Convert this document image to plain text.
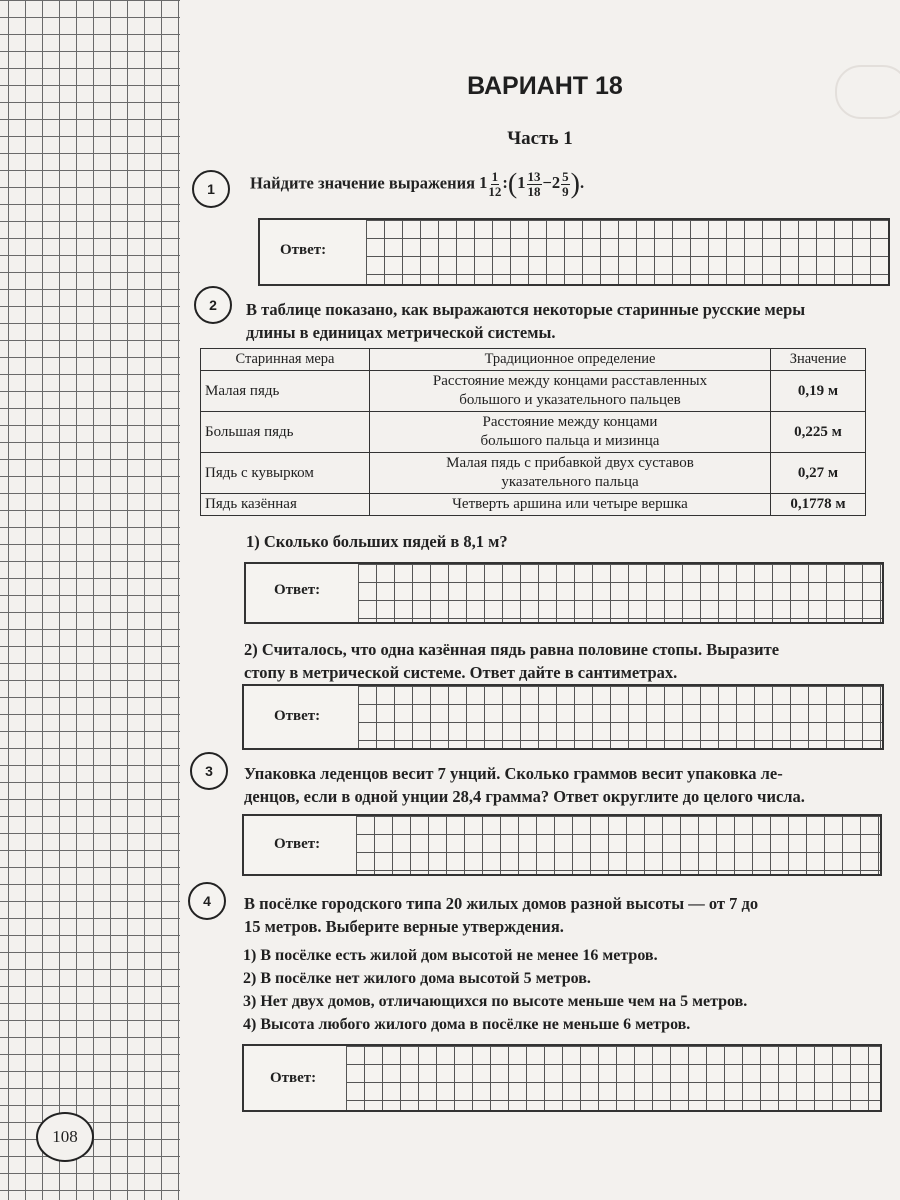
ВАРИАНТ 18
Часть 1
1	Найдите значение выражения $1 \frac{1}{12}$ :(1 $\frac{13}{18} -2 \frac{5}{9}$ ).
Ответ:
2	В таблице показано, как выражаются некоторые старинные русские меры
длины в единицах метрической системы.
Старинная мера	Традиционное определение	Значение
Малая пядь	Расстояние между концами расставленных
большого и указательного пальцев	0,19 м
Большая пядь	Расстояние между концами
большого пальца и мизинца	0,225 м
Пядь с кувырком	Малая пядь с прибавкой двух суставов
указательного пальца	0,27 м
Пядь казённая	Четверть аршина или четыре вершка	0,1778 м
1) Сколько больших пядей в 8,1 м?
Ответ:
2) Считалось, что одна казённая пядь равна половине стопы. Выразите
стопу в метрической системе. Ответ дайте в сантиметрах.
Ответ:
3	Упаковка леденцов весит 7 унций. Сколько граммов весит упаковка ле-
денцов, если в одной унции 28,4 грамма? Ответ округлите до целого числа.
Ответ:
4	В посёлке городского типа 20 жилых домов разной высоты — от 7 до
15 метров. Выберите верные утверждения.
1) В посёлке есть жилой дом высотой не менее 16 метров.
2) В посёлке нет жилого дома высотой 5 метров.
3) Нет двух домов, отличающихся по высоте меньше чем на 5 метров.
4) Высота любого жилого дома в посёлке не меньше 6 метров.
Ответ:
108
